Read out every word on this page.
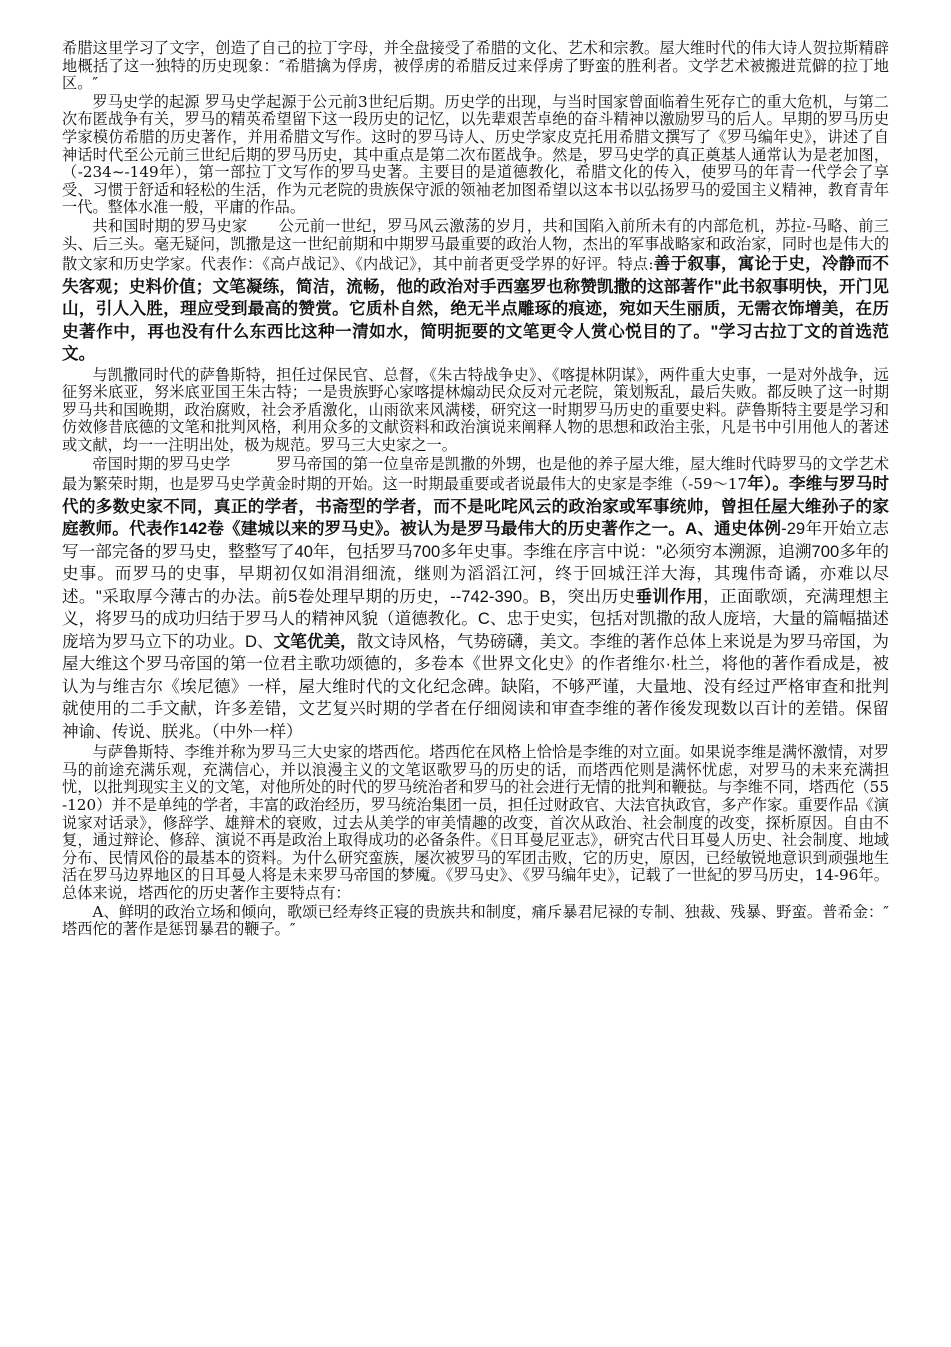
希腊这里学习了文字，创造了自己的拉丁字母，并全盘接受了希腊的文化、艺术和宗教。屋大维时代的伟大诗人贺拉斯精辟地概括了这一独特的历史现象：″希腊擒为俘虏，被俘虏的希腊反过来俘虏了野蛮的胜利者。文学艺术被搬进荒僻的拉丁地区。″

罗马史学的起源 罗马史学起源于公元前3世纪后期。历史学的出现，与当时国家曾面临着生死存亡的重大危机，与第二次布匿战争有关，罗马的精英希望留下这一段历史的记忆，以先辈艰苦卓绝的奋斗精神以激励罗马的后人。早期的罗马历史学家模仿希腊的历史著作，并用希腊文写作。这时的罗马诗人、历史学家皮克托用希腊文撰写了《罗马编年史》，讲述了自神话时代至公元前三世纪后期的罗马历史，其中重点是第二次布匿战争。然是，罗马史学的真正奠基人通常认为是老加图，（-234~-149年），第一部拉丁文写作的罗马史著。主要目的是道德教化，希腊文化的传入，使罗马的年青一代学会了享受、习惯于舒适和轻松的生活，作为元老院的贵族保守派的领袖老加图希望以这本书以弘扬罗马的爱国主义精神，教育青年一代。整体水准一般，平庸的作品。

共和国时期的罗马史家　　公元前一世纪，罗马风云激荡的岁月，共和国陷入前所未有的内部危机，苏拉-马略、前三头、后三头。毫无疑问，凯撒是这一世纪前期和中期罗马最重要的政治人物，杰出的军事战略家和政治家，同时也是伟大的散文家和历史学家。代表作：《高卢战记》、《内战记》，其中前者更受学界的好评。特点:善于叙事，寓论于史，冷静而不失客观；史料价值；文笔凝练，简洁，流畅，他的政治对手西塞罗也称赞凯撒的这部著作"此书叙事明快，开门见山，引人入胜，理应受到最高的赞赏。它质朴自然，绝无半点雕琢的痕迹，宛如天生丽质，无需衣饰增美，在历史著作中，再也没有什么东西比这种一清如水，简明扼要的文笔更令人赏心悦目的了。"学习古拉丁文的首选范文。

与凯撒同时代的萨鲁斯特，担任过保民官、总督，《朱古特战争史》、《喀提林阴谋》，两件重大史事，一是对外战争，远征努米底亚，努米底亚国王朱古特；一是贵族野心家喀提林煽动民众反对元老院，策划叛乱，最后失败。都反映了这一时期罗马共和国晚期，政治腐败，社会矛盾激化，山雨欲来风满楼，研究这一时期罗马历史的重要史料。萨鲁斯特主要是学习和仿效修昔底德的文笔和批判风格，利用众多的文献资料和政治演说来阐释人物的思想和政治主张，凡是书中引用他人的著述或文献，均一一注明出处，极为规范。罗马三大史家之一。

帝国时期的罗马史学　　　罗马帝国的第一位皇帝是凯撒的外甥，也是他的养子屋大维，屋大维时代時罗马的文学艺术最为繁荣时期，也是罗马史学黄金时期的开始。这一时期最重要或者说最伟大的史家是李维（-59～17年）。李维与罗马时代的多数史家不同，真正的学者，书斋型的学者，而不是叱咤风云的政治家或军事统帅，曾担任屋大维孙子的家庭教师。代表作142卷《建城以来的罗马史》。被认为是罗马最伟大的历史著作之一。A、通史体例-29年开始立志写一部完备的罗马史，整整写了40年，包括罗马700多年史事。李维在序言中说："必须穷本溯源，追溯700多年的史事。而罗马的史事，早期初仅如涓涓细流，继则为滔滔江河，终于回城汪洋大海，其瑰伟奇谲，亦难以尽述。"采取厚今薄古的办法。前5卷处理早期的历史，--742-390。B，突出历史垂训作用，正面歌颂，充满理想主义，将罗马的成功归结于罗马人的精神风貌（道德教化。C、忠于史实，包括对凯撒的敌人庞培，大量的篇幅描述庞培为罗马立下的功业。D、文笔优美，散文诗风格，气势磅礴，美文。李维的著作总体上来说是为罗马帝国，为屋大维这个罗马帝国的第一位君主歌功颂德的，多卷本《世界文化史》的作者维尔·杜兰，将他的著作看成是，被认为与维吉尔《埃尼德》一样，屋大维时代的文化纪念碑。缺陷，不够严谨，大量地、没有经过严格审查和批判就使用的二手文献，许多差错，文艺复兴时期的学者在仔细阅读和审查李维的著作後发现数以百计的差错。保留神谕、传说、朕兆。（中外一样）

与萨鲁斯特、李维并称为罗马三大史家的塔西佗。塔西佗在风格上恰恰是李维的对立面。如果说李维是满怀激情，对罗马的前途充满乐观，充满信心，并以浪漫主义的文笔讴歌罗马的历史的话，而塔西佗则是满怀忧虑，对罗马的未来充满担忧，以批判现实主义的文笔，对他所处的时代的罗马统治者和罗马的社会进行无情的批判和鞭挞。与李维不同，塔西佗（55-120）并不是单纯的学者，丰富的政治经历，罗马统治集团一员，担任过财政官、大法官执政官，多产作家。重要作品《演说家对话录》，修辞学、雄辩术的衰败，过去从美学的审美情趣的改变，首次从政治、社会制度的改变，探析原因。自由不复，通过辩论、修辞、演说不再是政治上取得成功的必备条件。《日耳曼尼亚志》，研究古代日耳曼人历史、社会制度、地域分布、民情风俗的最基本的资料。为什么研究蛮族，屡次被罗马的军团击败，它的历史，原因，已经敏锐地意识到顽强地生活在罗马边界地区的日耳曼人将是未来罗马帝国的梦魇。《罗马史》、《罗马编年史》，记载了一世紀的罗马历史，14-96年。总体来说，塔西佗的历史著作主要特点有：

A、鲜明的政治立场和倾向，歌颂已经寿终正寝的贵族共和制度，痛斥暴君尼禄的专制、独裁、残暴、野蛮。普希金：″塔西佗的著作是惩罚暴君的鞭子。″
